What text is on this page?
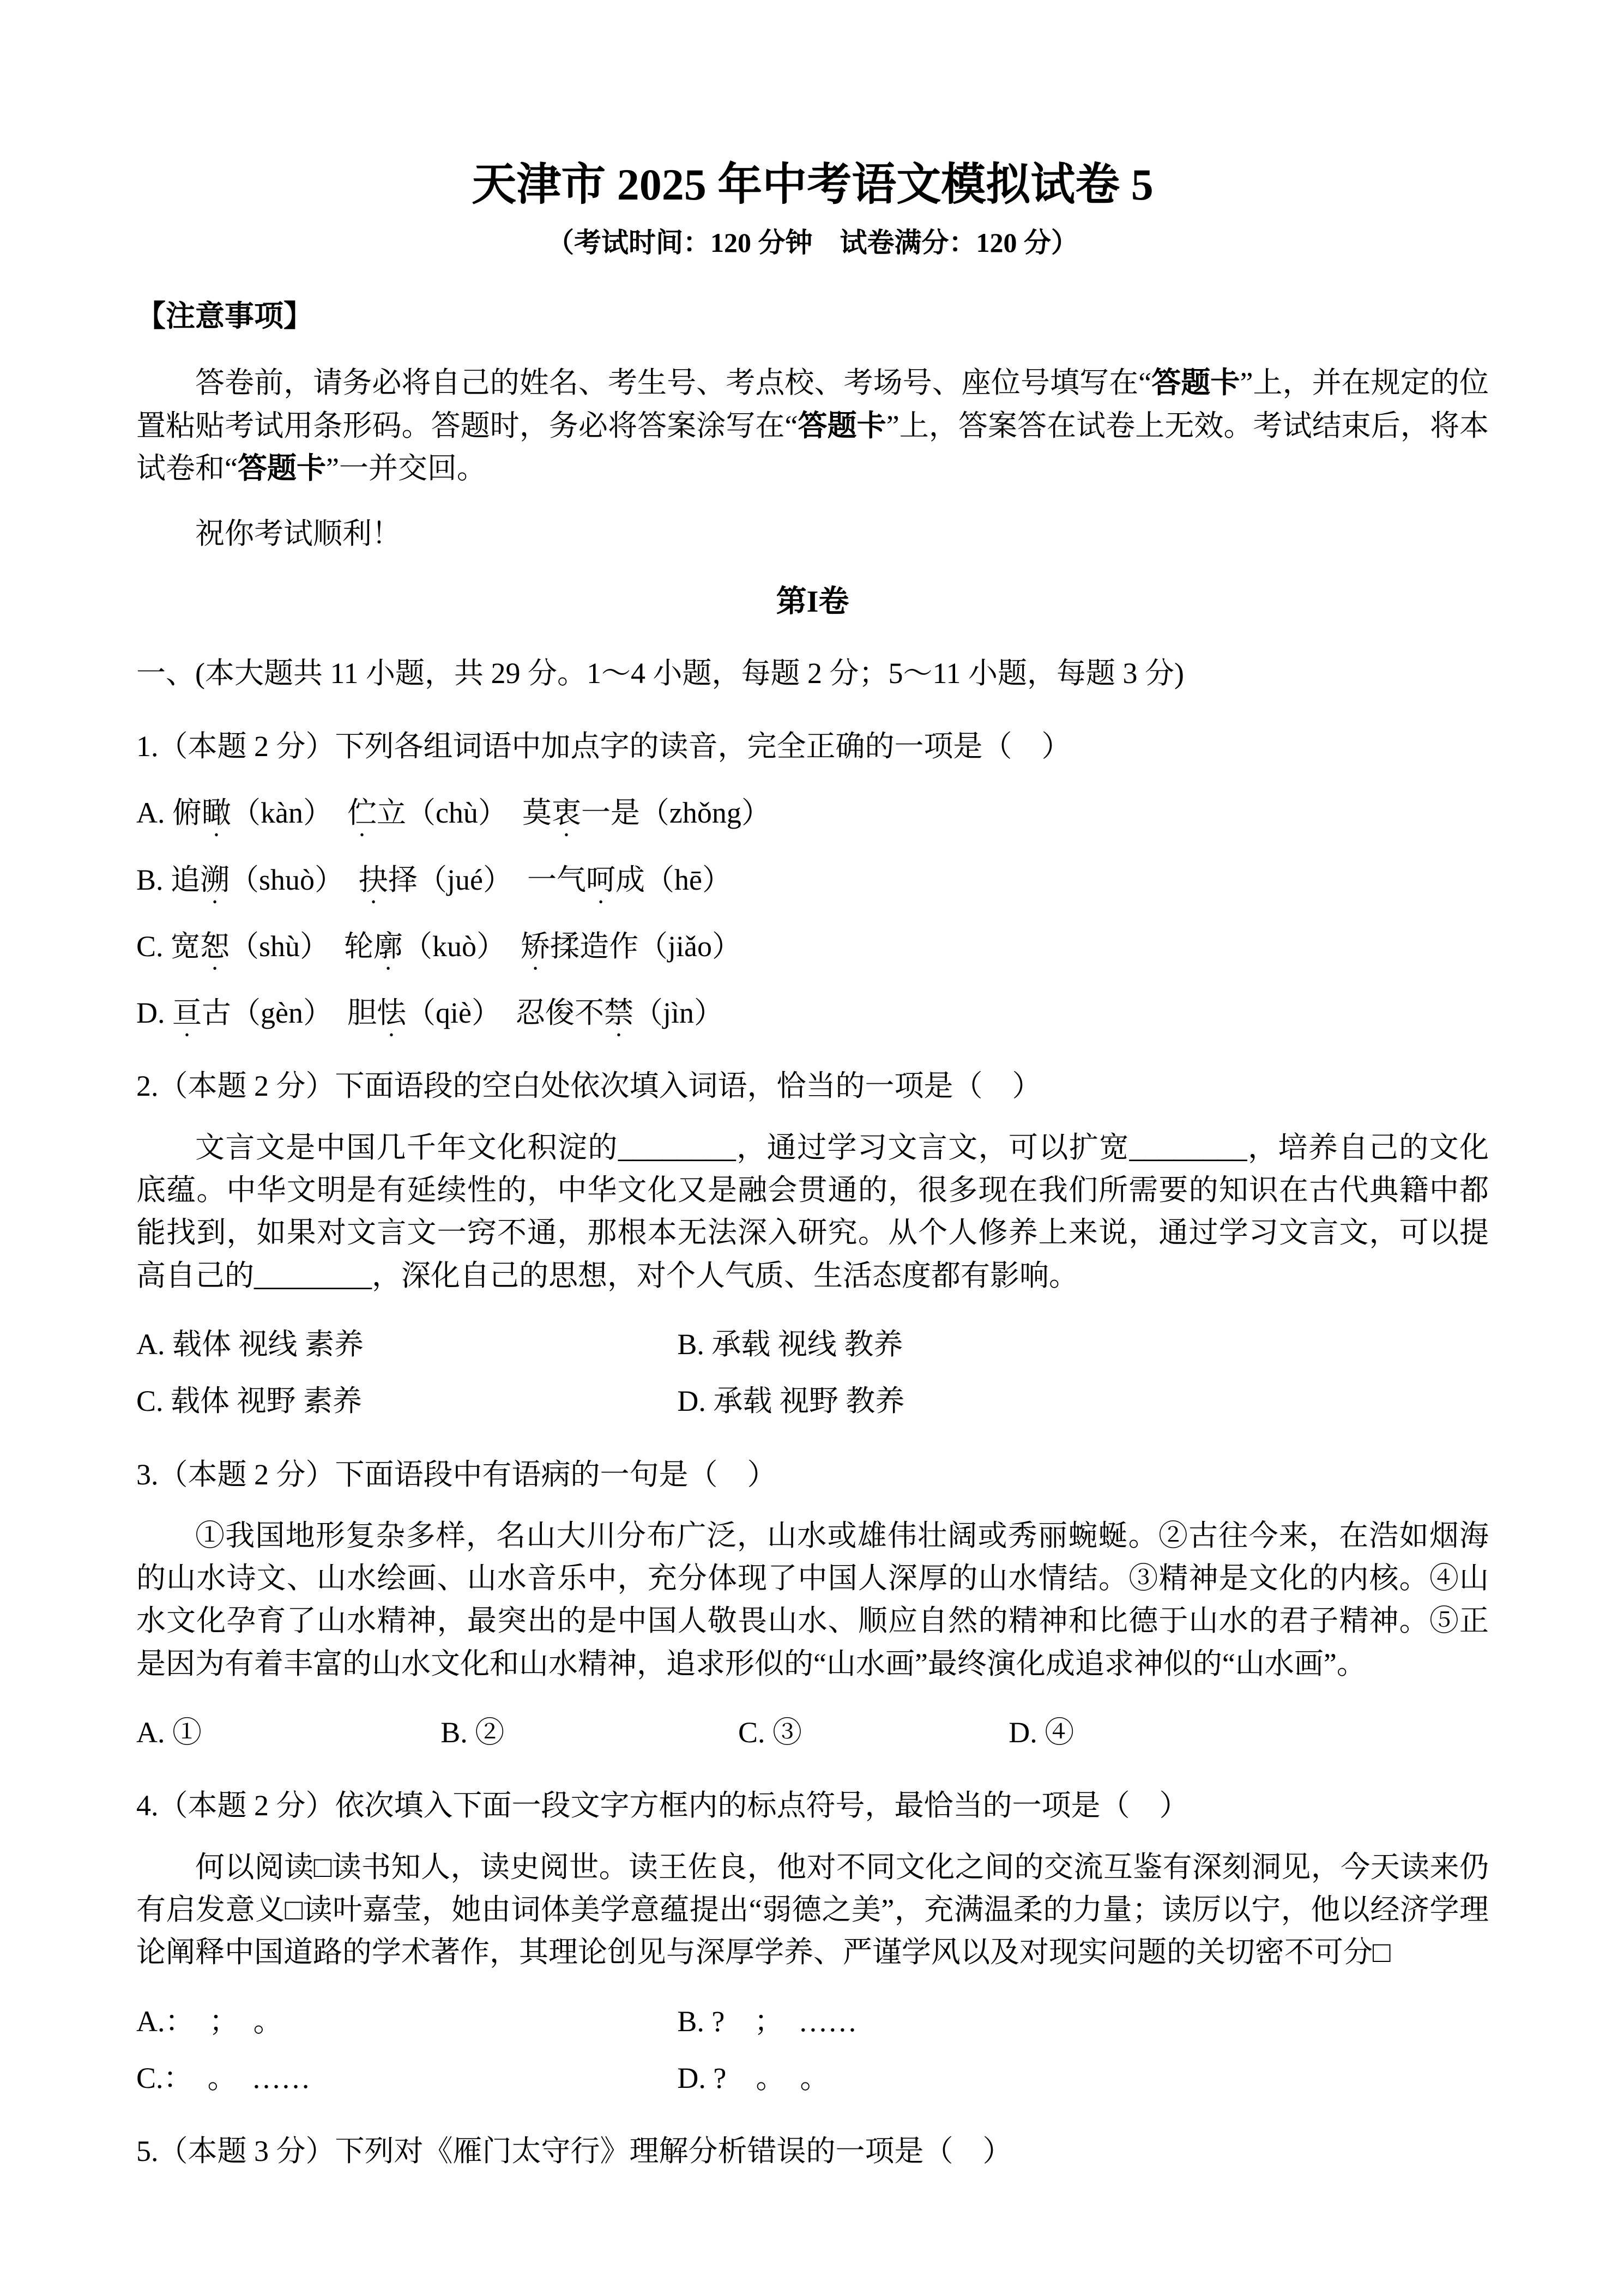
天津市 2025 年中考语文模拟试卷 5

（考试时间：120 分钟　试卷满分：120 分）

【注意事项】

答卷前，请务必将自己的姓名、考生号、考点校、考场号、座位号填写在“答题卡”上，并在规定的位置粘贴考试用条形码。答题时，务必将答案涂写在“答题卡”上，答案答在试卷上无效。考试结束后，将本试卷和“答题卡”一并交回。

祝你考试顺利！

第I卷

一、(本大题共 11 小题，共 29 分。1～4 小题，每题 2 分；5～11 小题，每题 3 分)

1.（本题 2 分）下列各组词语中加点字的读音，完全正确的一项是（　）

A. 俯瞰（kàn）　伫立（chù）　莫衷一是（zhǒng）

B. 追溯（shuò）　抉择（jué）　一气呵成（hē）

C. 宽恕（shù）　轮廓（kuò）　矫揉造作（jiǎo）

D. 亘古（gèn）　胆怯（qiè）　忍俊不禁（jìn）

2.（本题 2 分）下面语段的空白处依次填入词语，恰当的一项是（　）

文言文是中国几千年文化积淀的________，通过学习文言文，可以扩宽________，培养自己的文化底蕴。中华文明是有延续性的，中华文化又是融会贯通的，很多现在我们所需要的知识在古代典籍中都能找到，如果对文言文一窍不通，那根本无法深入研究。从个人修养上来说，通过学习文言文，可以提高自己的________，深化自己的思想，对个人气质、生活态度都有影响。

A. 载体 视线 素养	B. 承载 视线 教养

C. 载体 视野 素养	D. 承载 视野 教养

3.（本题 2 分）下面语段中有语病的一句是（　）

①我国地形复杂多样，名山大川分布广泛，山水或雄伟壮阔或秀丽蜿蜒。②古往今来，在浩如烟海的山水诗文、山水绘画、山水音乐中，充分体现了中国人深厚的山水情结。③精神是文化的内核。④山水文化孕育了山水精神，最突出的是中国人敬畏山水、顺应自然的精神和比德于山水的君子精神。⑤正是因为有着丰富的山水文化和山水精神，追求形似的“山水画”最终演化成追求神似的“山水画”。

A. ①	B. ②	C. ③	D. ④

4.（本题 2 分）依次填入下面一段文字方框内的标点符号，最恰当的一项是（　）

何以阅读□读书知人，读史阅世。读王佐良，他对不同文化之间的交流互鉴有深刻洞见，今天读来仍有启发意义□读叶嘉莹，她由词体美学意蕴提出“弱德之美”，充满温柔的力量；读厉以宁，他以经济学理论阐释中国道路的学术著作，其理论创见与深厚学养、严谨学风以及对现实问题的关切密不可分□

A.：　；　。	B. ?　；　……

C.：　。　……	D. ?　。　。

5.（本题 3 分）下列对《雁门太守行》理解分析错误的一项是（　）
